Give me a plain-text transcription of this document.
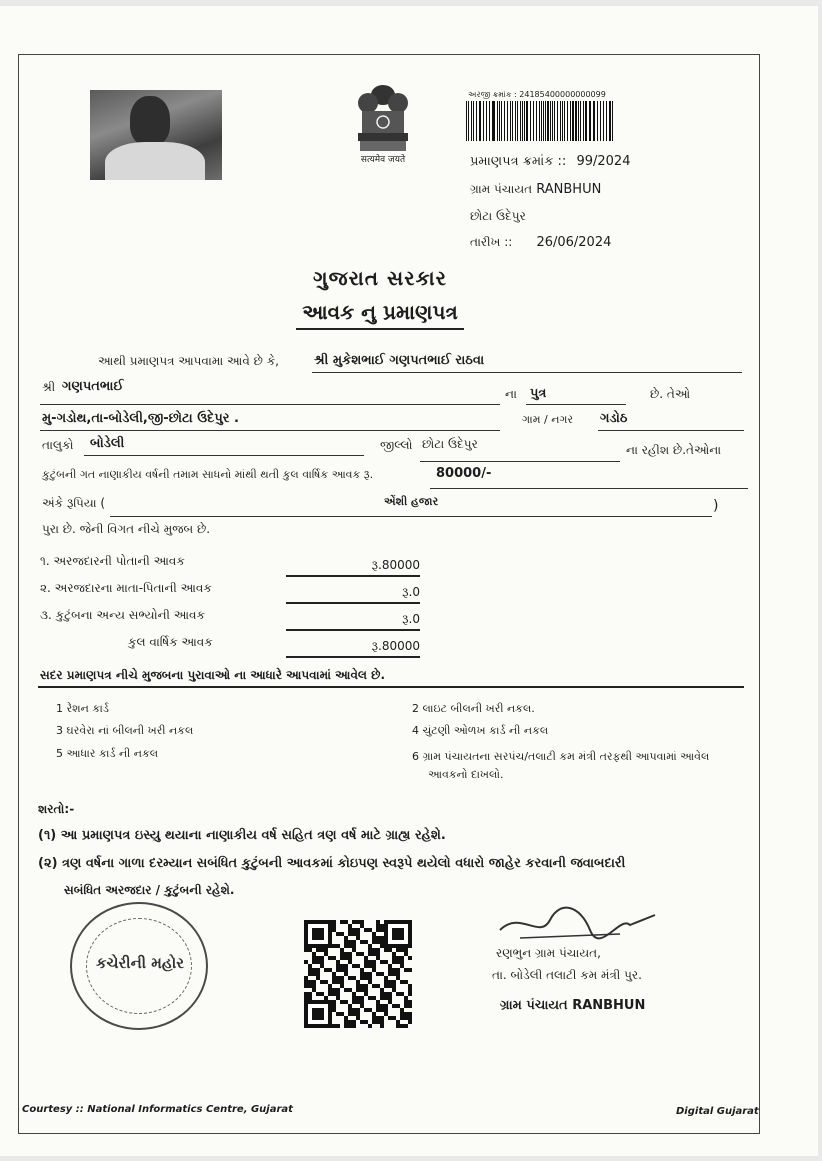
सत्यमेव जयते
અરજી ક્રમાંક : 24185400000000099
પ્રમાણપત્ર ક્રમાંક :: 99/2024
ગ્રામ પંચાયત RANBHUN
છોટા ઉદેપુર
તારીખ :: 26/06/2024
ગુજરાત સરકાર
આવક નુ પ્રમાણપત્ર
આથી પ્રમાણપત્ર આપવામા આવે છે કે,	શ્રી મુકેશભાઈ ગણપતભાઈ રાઠવા
શ્રી ગણપતભાઈ	ના પુત્ર	છે. તેઓ
મુ-ગડોથ,તા-બોડેલી,જી-છોટા ઉદેપુર .	ગામ / નગર ગડોઠ
તાલુકો બોડેલી	જીલ્લો છોટા ઉદેપુર	ના રહીશ છે.તેઓના
કુટુંબની ગત નાણાકીય વર્ષની તમામ સાધનો માંથી થતી કુલ વાર્ષિક આવક રૂ.	80000/-
અંકે રૂપિયા (	એંશી હજાર	)
પુરા છે. જેની વિગત નીચે મુજબ છે.
૧. અરજદારની પોતાની આવક	રૂ.80000
૨. અરજદારના માતા-પિતાની આવક	રૂ.0
૩. કુટુંબના અન્ય સભ્યોની આવક	રૂ.0
કુલ વાર્ષિક આવક	રૂ.80000
સદર પ્રમાણપત્ર નીચે મુજબના પુરાવાઓ ના આધારે આપવામાં આવેલ છે.
1 રેશન કાર્ડ	2 લાઇટ બીલની ખરી નકલ.
3 ઘરવેરા નાં બીલની ખરી નકલ	4 ચુંટણી ઓળખ કાર્ડ ની નકલ
5 આધાર કાર્ડ ની નકલ	6 ગ્રામ પંચાયતના સરપંચ/તલાટી કમ મંત્રી તરફથી આપવામાં આવેલ
આવકનો દાખલો.
શરતો:-
(૧) આ પ્રમાણપત્ર ઇસ્યુ થયાના નાણાકીય વર્ષ સહિત ત્રણ વર્ષ માટે ગ્રાહ્ય રહેશે.
(૨) ત્રણ વર્ષના ગાળા દરમ્યાન સબંધિત કુટુંબની આવકમાં કોઇપણ સ્વરૂપે થયેલો વધારો જાહેર કરવાની જવાબદારી
સબંધિત અરજદાર / કુટુંબની રહેશે.
કચેરીની મહોર
રણભુન ગ્રામ પંચાયત,
તા. બોડેલી તલાટી કમ મંત્રી પુર.
ગ્રામ પંચાયત RANBHUN
Courtesy :: National Informatics Centre, Gujarat	Digital Gujarat
